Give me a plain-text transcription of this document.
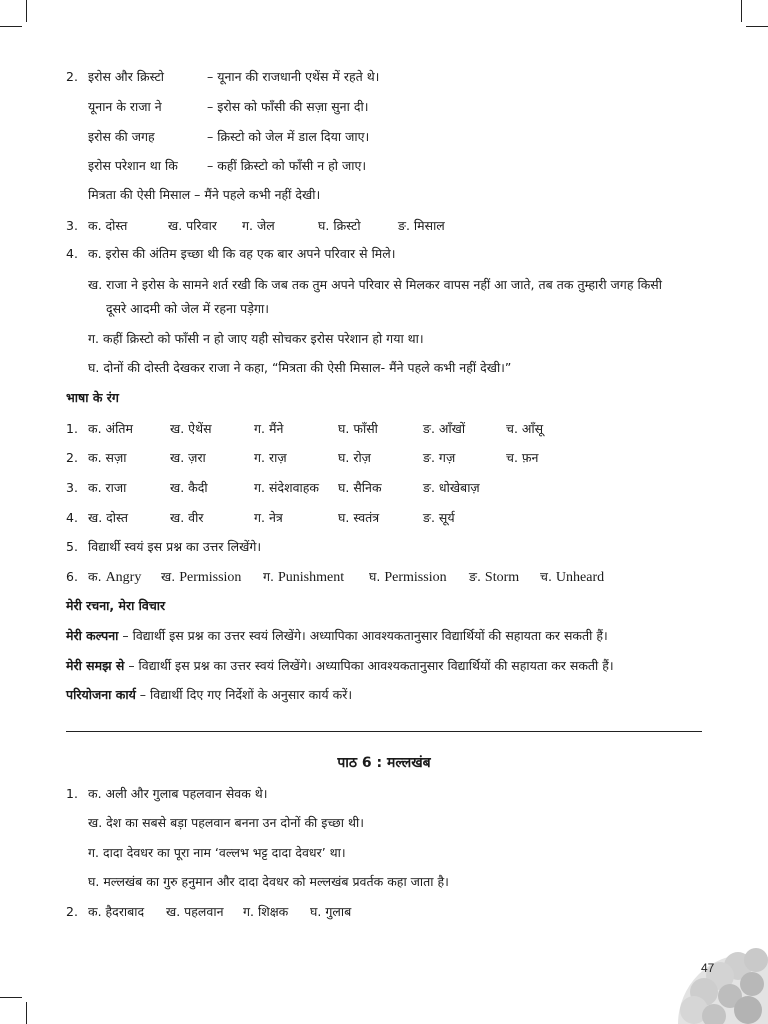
2. इरोस और क्रिस्टो	– यूनान की राजधानी एथेंस में रहते थे।
यूनान के राजा ने	– इरोस को फाँसी की सज़ा सुना दी।
इरोस की जगह	– क्रिस्टो को जेल में डाल दिया जाए।
इरोस परेशान था कि – कहीं क्रिस्टो को फाँसी न हो जाए।
मित्रता की ऐसी मिसाल – मैंने पहले कभी नहीं देखी।
3. क. दोस्त	ख. परिवार ग. जेल	घ. क्रिस्टो	ङ. मिसाल
4. क. इरोस की अंतिम इच्छा थी कि वह एक बार अपने परिवार से मिले।
ख. राजा ने इरोस के सामने शर्त रखी कि जब तक तुम अपने परिवार से मिलकर वापस नहीं आ जाते, तब तक तुम्हारी जगह किसी
दूसरे आदमी को जेल में रहना पड़ेगा।
ग. कहीं क्रिस्टो को फाँसी न हो जाए यही सोचकर इरोस परेशान हो गया था।
घ. दोनों की दोस्ती देखकर राजा ने कहा, “मित्रता की ऐसी मिसाल- मैंने पहले कभी नहीं देखी।”
भाषा के रंग
1. क. अंतिम	ख. ऐथेंस	ग. मैंने	घ. फाँसी	ङ. आँखों	च. आँसू
2. क. सज़ा	ख. ज़रा	ग. राज़	घ. रोज़	ङ. गज़	च. फ़न
3. क. राजा	ख. कैदी	ग. संदेशवाहक घ. सैनिक	ङ. धोखेबाज़
4. ख. दोस्त	ख. वीर	ग. नेत्र	घ. स्वतंत्र	ङ. सूर्य
5. विद्यार्थी स्वयं इस प्रश्न का उत्तर लिखेंगे।
6. क. Angry ख. Permission ग. Punishment घ. Permission ङ. Storm च. Unheard
मेरी रचना, मेरा विचार
मेरी कल्पना – विद्यार्थी इस प्रश्न का उत्तर स्वयं लिखेंगे। अध्यापिका आवश्यकतानुसार विद्यार्थियों की सहायता कर सकती हैं।
मेरी समझ से – विद्यार्थी इस प्रश्न का उत्तर स्वयं लिखेंगे। अध्यापिका आवश्यकतानुसार विद्यार्थियों की सहायता कर सकती हैं।
परियोजना कार्य – विद्यार्थी दिए गए निर्देशों के अनुसार कार्य करें।
पाठ 6 : मल्लखंब
1. क. अली और गुलाब पहलवान सेवक थे।
ख. देश का सबसे बड़ा पहलवान बनना उन दोनों की इच्छा थी।
ग. दादा देवधर का पूरा नाम ‘वल्लभ भट्ट दादा देवधर’ था।
घ. मल्लखंब का गुरु हनुमान और दादा देवधर को मल्लखंब प्रवर्तक कहा जाता है।
2. क. हैदराबाद ख. पहलवान ग. शिक्षक घ. गुलाब
47
